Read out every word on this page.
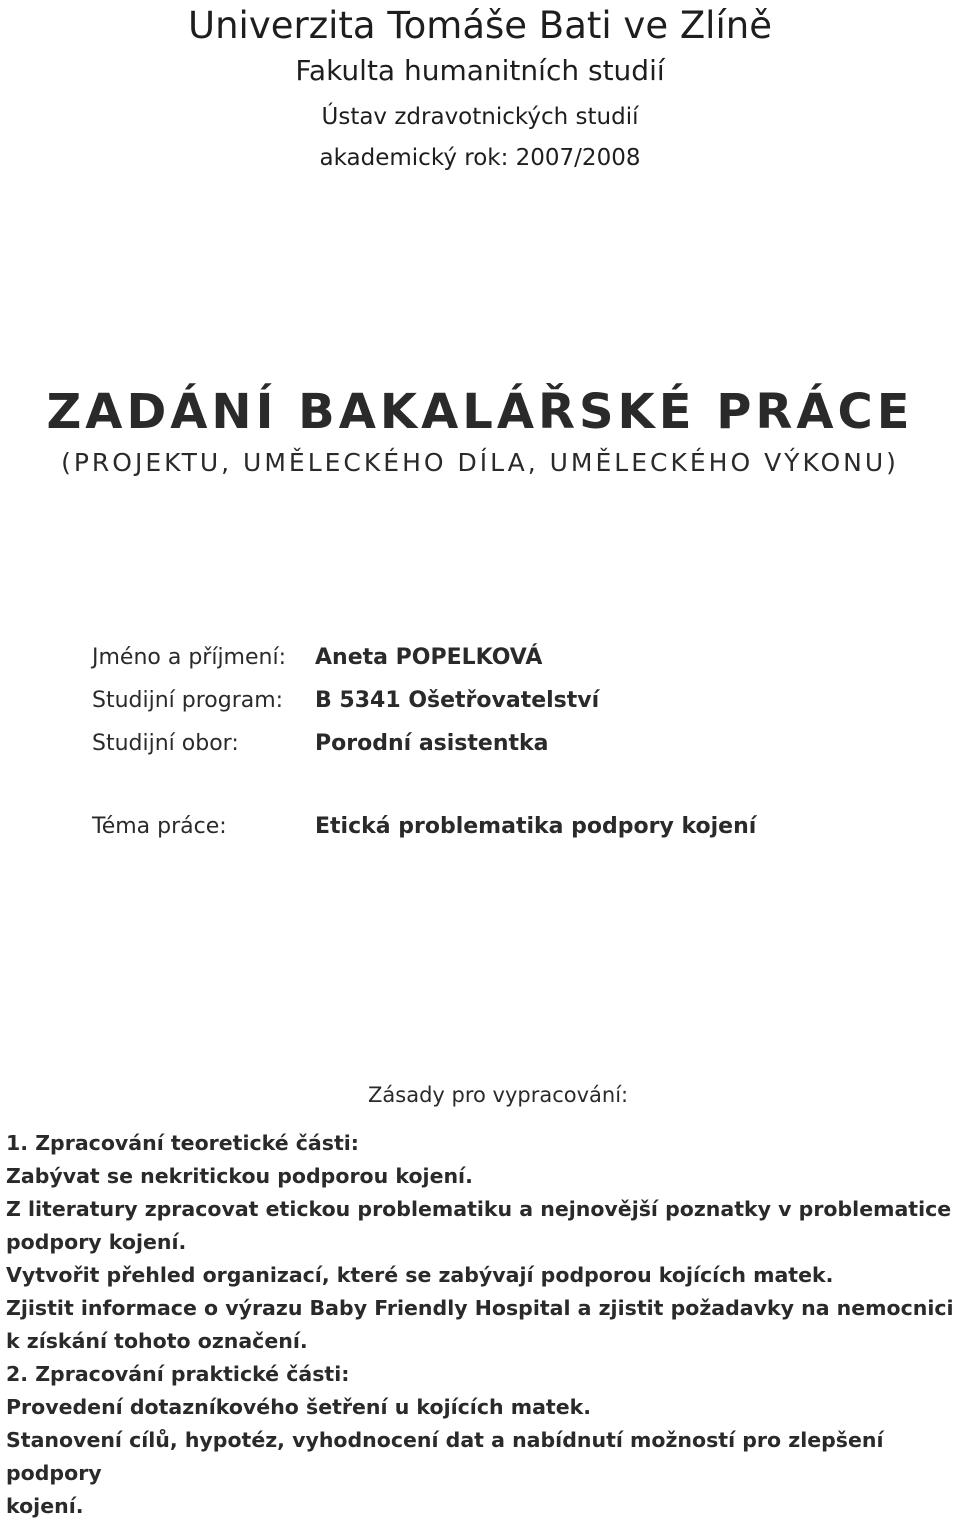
Univerzita Tomáše Bati ve Zlíně
Fakulta humanitních studií
Ústav zdravotnických studií
akademický rok: 2007/2008
ZADÁNÍ BAKALÁŘSKÉ PRÁCE
(PROJEKTU, UMĚLECKÉHO DÍLA, UMĚLECKÉHO VÝKONU)
Jméno a příjmení: Aneta POPELKOVÁ
Studijní program: B 5341 Ošetřovatelství
Studijní obor:	Porodní asistentka
Téma práce:	Etická problematika podpory kojení
Zásady pro vypracování:
1. Zpracování teoretické části:
Zabývat se nekritickou podporou kojení.
Z literatury zpracovat etickou problematiku a nejnovější poznatky v problematice
podpory kojení.
Vytvořit přehled organizací, které se zabývají podporou kojících matek.
Zjistit informace o výrazu Baby Friendly Hospital a zjistit požadavky na nemocnici
k získání tohoto označení.
2. Zpracování praktické části:
Provedení dotazníkového šetření u kojících matek.
Stanovení cílů, hypotéz, vyhodnocení dat a nabídnutí možností pro zlepšení podpory
kojení.
